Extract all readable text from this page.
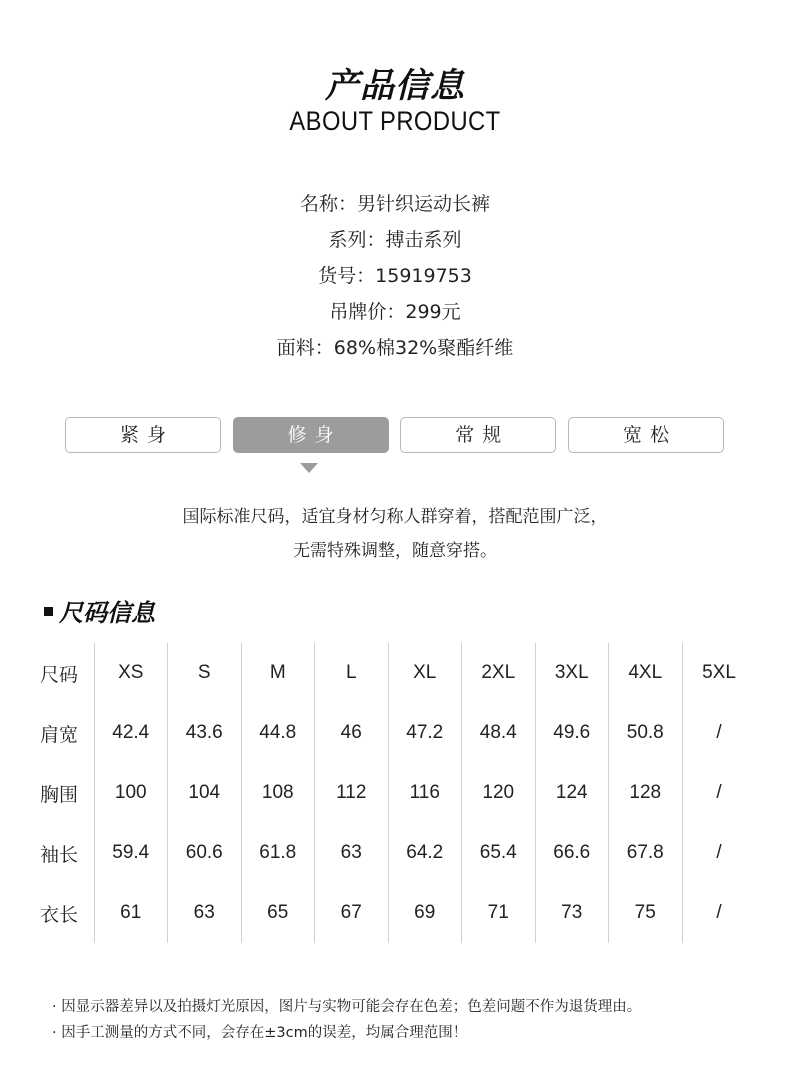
产品信息
ABOUT PRODUCT
名称：男针织运动长裤
系列：搏击系列
货号：15919753
吊牌价：299元
面料：68%棉32%聚酯纤维
紧身	修身	常规	宽松
国际标准尺码，适宜身材匀称人群穿着，搭配范围广泛，
无需特殊调整，随意穿搭。
尺码信息
尺码	XS	S	M	L	XL	2XL	3XL	4XL	5XL
肩宽	42.4	43.6	44.8	46	47.2	48.4	49.6	50.8	/
胸围	100	104	108	112	116	120	124	128	/
袖长	59.4	60.6	61.8	63	64.2	65.4	66.6	67.8	/
衣长	61	63	65	67	69	71	73	75	/
· 因显示器差异以及拍摄灯光原因，图片与实物可能会存在色差；色差问题不作为退货理由。
· 因手工测量的方式不同，会存在±3cm的误差，均属合理范围！
